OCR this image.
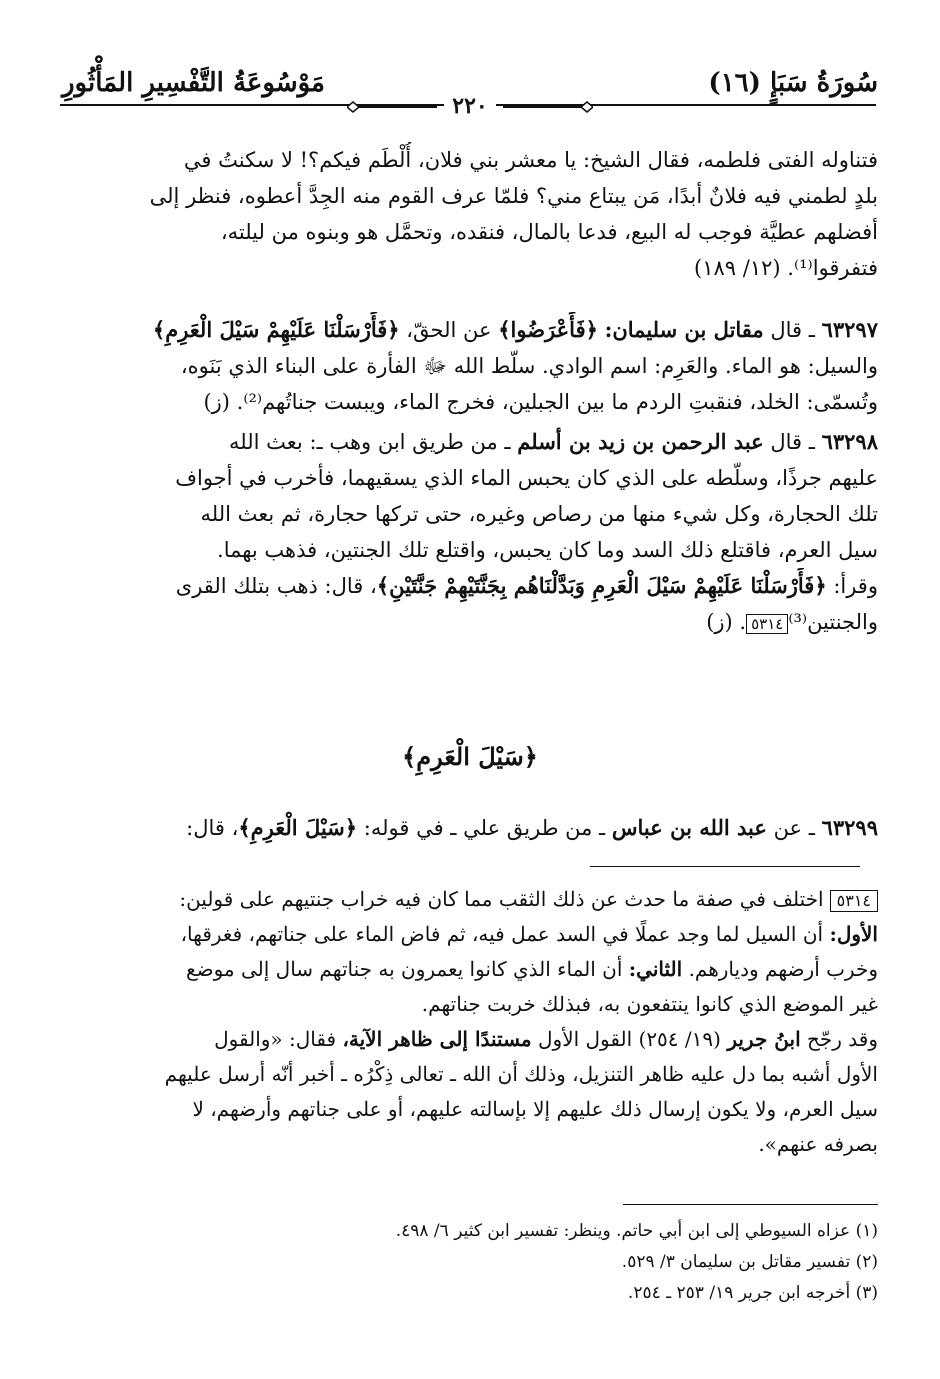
سُورَةُ سَبَإٍ (١٦)
مَوْسُوعَةُ التَّفْسِيرِ المَأْثُورِ
٢٢٠
فتناوله الفتى فلطمه، فقال الشيخ: يا معشر بني فلان، أُلْطَم فيكم؟! لا سكنتُ في
بلدٍ لطمني فيه فلانٌ أبدًا، مَن يبتاع مني؟ فلمّا عرف القوم منه الجِدَّ أعطوه، فنظر إلى
أفضلهم عطيَّة فوجب له البيع، فدعا بالمال، فنقده، وتحمَّل هو وبنوه من ليلته،
فتفرقوا⁽¹⁾. (١٢/ ١٨٩)
٦٣٢٩٧ ـ قال مقاتل بن سليمان: ﴿فَأَعْرَضُوا﴾ عن الحقّ، ﴿فَأَرْسَلْنَا عَلَيْهِمْ سَيْلَ الْعَرِمِ﴾
والسيل: هو الماء. والعَرِم: اسم الوادي. سلّط الله ﷻ الفأرة على البناء الذي بَنَوه،
وتُسمّى: الخلد، فنقبتِ الردم ما بين الجبلين، فخرج الماء، ويبست جناتُهم⁽²⁾. (ز)
٦٣٢٩٨ ـ قال عبد الرحمن بن زيد بن أسلم ـ من طريق ابن وهب ـ: بعث الله
عليهم جرذًا، وسلّطه على الذي كان يحبس الماء الذي يسقيهما، فأخرب في أجواف
تلك الحجارة، وكل شيء منها من رصاص وغيره، حتى تركها حجارة، ثم بعث الله
سيل العرم، فاقتلع ذلك السد وما كان يحبس، واقتلع تلك الجنتين، فذهب بهما.
وقرأ: ﴿فَأَرْسَلْنَا عَلَيْهِمْ سَيْلَ الْعَرِمِ وَبَدَّلْنَاهُم بِجَنَّتَيْهِمْ جَنَّتَيْنِ﴾، قال: ذهب بتلك القرى
والجنتين⁽³⁾٥٣١٤. (ز)
﴿سَيْلَ الْعَرِمِ﴾
٦٣٢٩٩ ـ عن عبد الله بن عباس ـ من طريق علي ـ في قوله: ﴿سَيْلَ الْعَرِمِ﴾، قال:
٥٣١٤اختلف في صفة ما حدث عن ذلك الثقب مما كان فيه خراب جنتيهم على قولين:
الأول: أن السيل لما وجد عملًا في السد عمل فيه، ثم فاض الماء على جناتهم، فغرقها،
وخرب أرضهم وديارهم. الثاني: أن الماء الذي كانوا يعمرون به جناتهم سال إلى موضع
غير الموضع الذي كانوا ينتفعون به، فبذلك خربت جناتهم.
وقد رجّح ابنُ جرير (١٩/ ٢٥٤) القول الأول مستندًا إلى ظاهر الآية، فقال: «والقول
الأول أشبه بما دل عليه ظاهر التنزيل، وذلك أن الله ـ تعالى ذِكْرُه ـ أخبر أنّه أرسل عليهم
سيل العرم، ولا يكون إرسال ذلك عليهم إلا بإسالته عليهم، أو على جناتهم وأرضهم، لا
بصرفه عنهم».
(١) عزاه السيوطي إلى ابن أبي حاتم. وينظر: تفسير ابن كثير ٦/ ٤٩٨.
(٢) تفسير مقاتل بن سليمان ٣/ ٥٢٩.
(٣) أخرجه ابن جرير ١٩/ ٢٥٣ ـ ٢٥٤.
